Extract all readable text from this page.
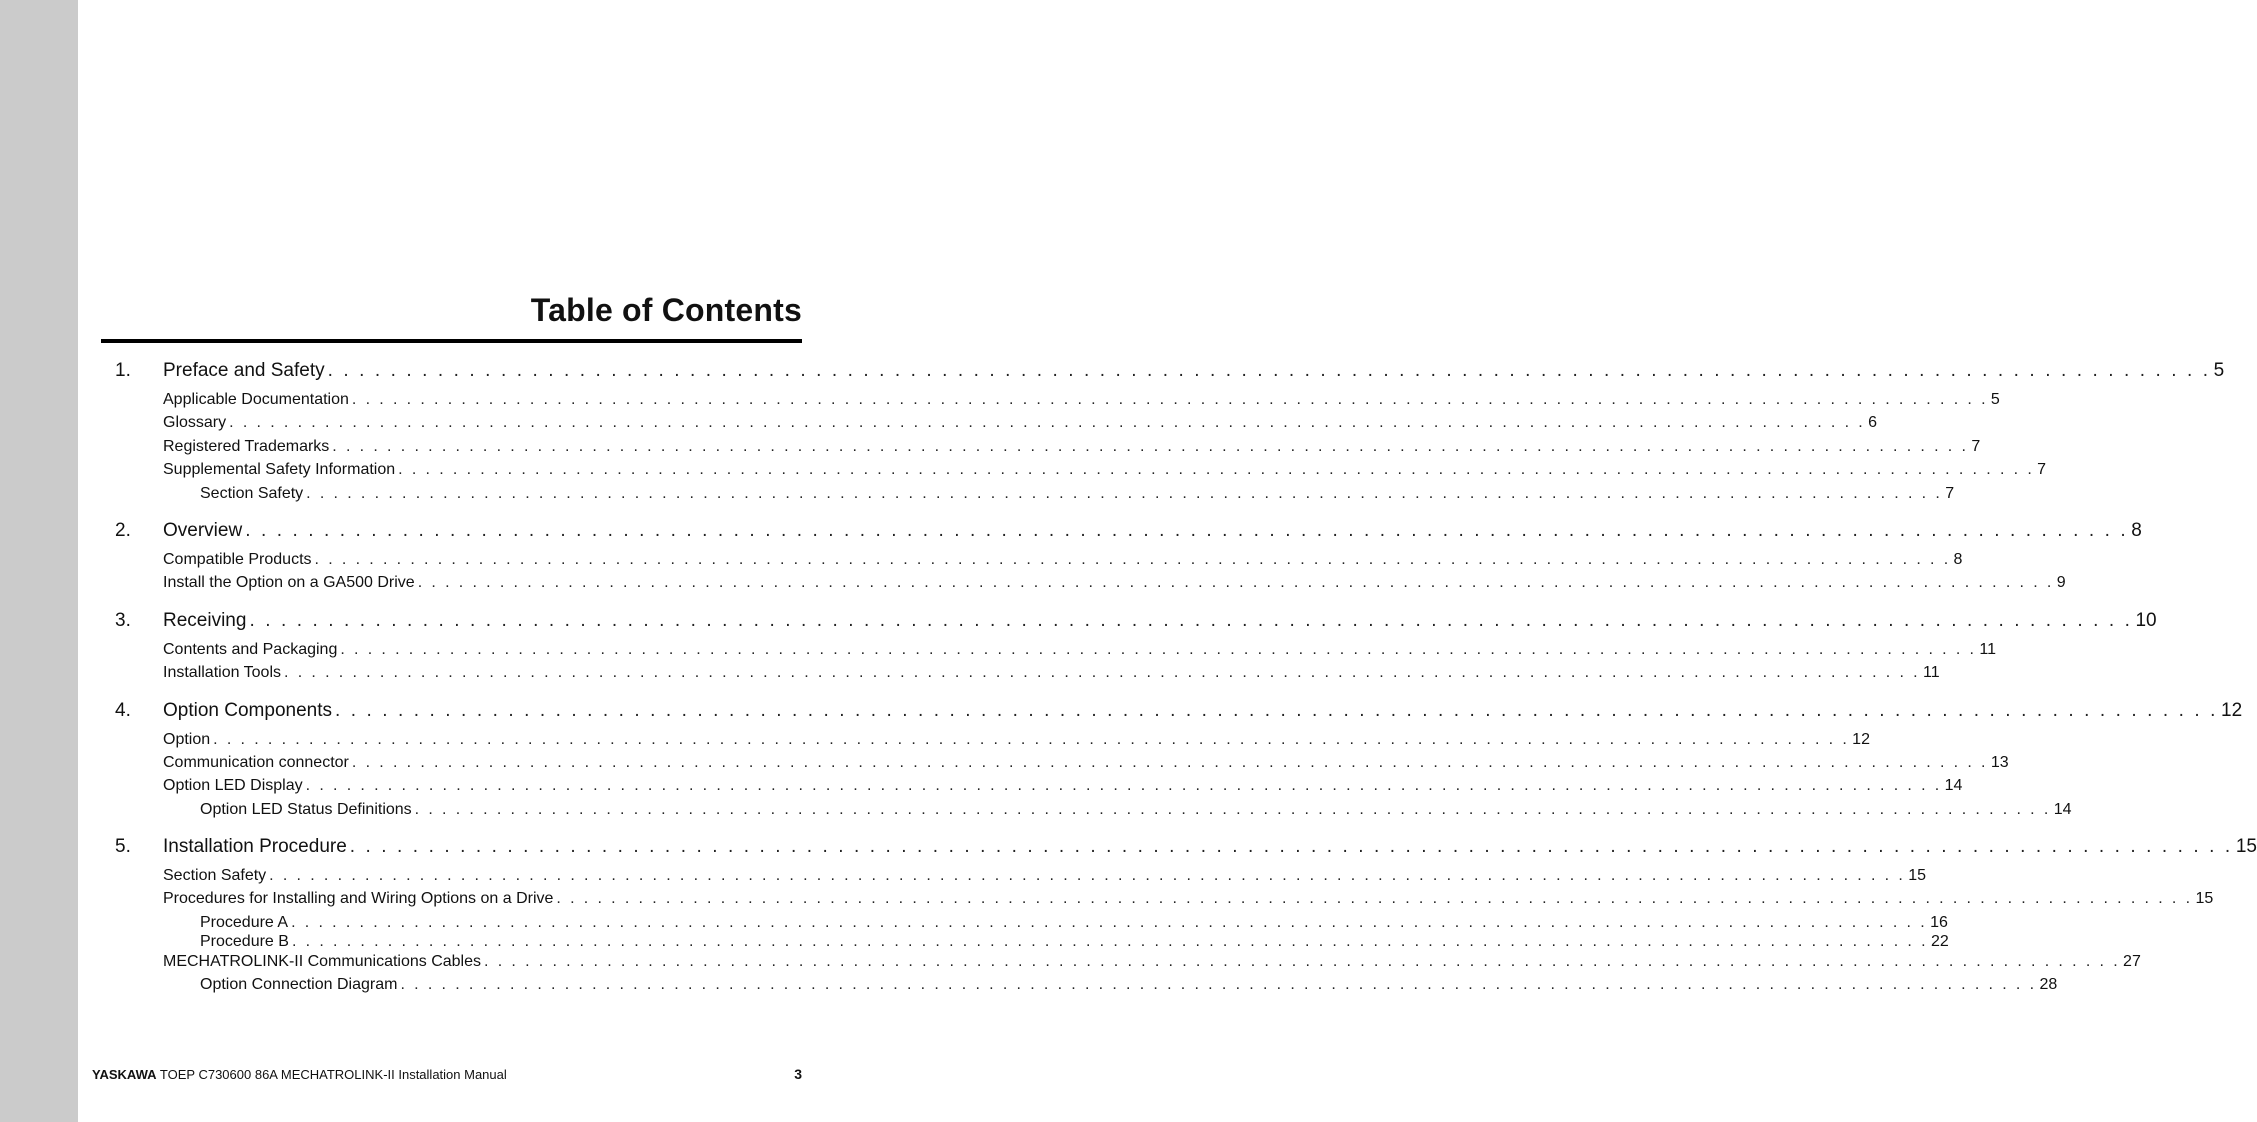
Table of Contents
1.	Preface and Safety . . . . . . . . . . . . . . . . . . . . . . . . . . . . . . . . . . . . . . . . . . . . . . . . . . . . . . . . . . . . . . . . . . . . . . . . . . . . . . . . . . . . . . . . . . . . . . . . . . . . . . . . . . . . . . . . . . . . . . . . 5
Applicable Documentation . . . . . . . . . . . . . . . . . . . . . . . . . . . . . . . . . . . . . . . . . . . . . . . . . . . . . . . . . . . . . . . . . . . . . . . . . . . . . . . . . . . . . . . . . . . . . . . . . . . . . . . . . . . . . . . . . . . . . . . . 5
Glossary . . . . . . . . . . . . . . . . . . . . . . . . . . . . . . . . . . . . . . . . . . . . . . . . . . . . . . . . . . . . . . . . . . . . . . . . . . . . . . . . . . . . . . . . . . . . . . . . . . . . . . . . . . . . . . . . . . . . . . . . 6
Registered Trademarks . . . . . . . . . . . . . . . . . . . . . . . . . . . . . . . . . . . . . . . . . . . . . . . . . . . . . . . . . . . . . . . . . . . . . . . . . . . . . . . . . . . . . . . . . . . . . . . . . . . . . . . . . . . . . . . . . . . . . . . . 7
Supplemental Safety Information . . . . . . . . . . . . . . . . . . . . . . . . . . . . . . . . . . . . . . . . . . . . . . . . . . . . . . . . . . . . . . . . . . . . . . . . . . . . . . . . . . . . . . . . . . . . . . . . . . . . . . . . . . . . . . . . . . . . . . . . 7
Section Safety . . . . . . . . . . . . . . . . . . . . . . . . . . . . . . . . . . . . . . . . . . . . . . . . . . . . . . . . . . . . . . . . . . . . . . . . . . . . . . . . . . . . . . . . . . . . . . . . . . . . . . . . . . . . . . . . . . . . . . . . 7
2.	Overview . . . . . . . . . . . . . . . . . . . . . . . . . . . . . . . . . . . . . . . . . . . . . . . . . . . . . . . . . . . . . . . . . . . . . . . . . . . . . . . . . . . . . . . . . . . . . . . . . . . . . . . . . . . . . . . . . . . . . . . . 8
Compatible Products . . . . . . . . . . . . . . . . . . . . . . . . . . . . . . . . . . . . . . . . . . . . . . . . . . . . . . . . . . . . . . . . . . . . . . . . . . . . . . . . . . . . . . . . . . . . . . . . . . . . . . . . . . . . . . . . . . . . . . . . 8
Install the Option on a GA500 Drive . . . . . . . . . . . . . . . . . . . . . . . . . . . . . . . . . . . . . . . . . . . . . . . . . . . . . . . . . . . . . . . . . . . . . . . . . . . . . . . . . . . . . . . . . . . . . . . . . . . . . . . . . . . . . . . . . . . . . . . . 9
3.	Receiving . . . . . . . . . . . . . . . . . . . . . . . . . . . . . . . . . . . . . . . . . . . . . . . . . . . . . . . . . . . . . . . . . . . . . . . . . . . . . . . . . . . . . . . . . . . . . . . . . . . . . . . . . . . . . . . . . . . . . . . . 10
Contents and Packaging . . . . . . . . . . . . . . . . . . . . . . . . . . . . . . . . . . . . . . . . . . . . . . . . . . . . . . . . . . . . . . . . . . . . . . . . . . . . . . . . . . . . . . . . . . . . . . . . . . . . . . . . . . . . . . . . . . . . . . . . 11
Installation Tools . . . . . . . . . . . . . . . . . . . . . . . . . . . . . . . . . . . . . . . . . . . . . . . . . . . . . . . . . . . . . . . . . . . . . . . . . . . . . . . . . . . . . . . . . . . . . . . . . . . . . . . . . . . . . . . . . . . . . . . . 11
4.	Option Components . . . . . . . . . . . . . . . . . . . . . . . . . . . . . . . . . . . . . . . . . . . . . . . . . . . . . . . . . . . . . . . . . . . . . . . . . . . . . . . . . . . . . . . . . . . . . . . . . . . . . . . . . . . . . . . . . . . . . . . . 12
Option . . . . . . . . . . . . . . . . . . . . . . . . . . . . . . . . . . . . . . . . . . . . . . . . . . . . . . . . . . . . . . . . . . . . . . . . . . . . . . . . . . . . . . . . . . . . . . . . . . . . . . . . . . . . . . . . . . . . . . . . 12
Communication connector . . . . . . . . . . . . . . . . . . . . . . . . . . . . . . . . . . . . . . . . . . . . . . . . . . . . . . . . . . . . . . . . . . . . . . . . . . . . . . . . . . . . . . . . . . . . . . . . . . . . . . . . . . . . . . . . . . . . . . . . 13
Option LED Display . . . . . . . . . . . . . . . . . . . . . . . . . . . . . . . . . . . . . . . . . . . . . . . . . . . . . . . . . . . . . . . . . . . . . . . . . . . . . . . . . . . . . . . . . . . . . . . . . . . . . . . . . . . . . . . . . . . . . . . . 14
Option LED Status Definitions . . . . . . . . . . . . . . . . . . . . . . . . . . . . . . . . . . . . . . . . . . . . . . . . . . . . . . . . . . . . . . . . . . . . . . . . . . . . . . . . . . . . . . . . . . . . . . . . . . . . . . . . . . . . . . . . . . . . . . . . 14
5.	Installation Procedure . . . . . . . . . . . . . . . . . . . . . . . . . . . . . . . . . . . . . . . . . . . . . . . . . . . . . . . . . . . . . . . . . . . . . . . . . . . . . . . . . . . . . . . . . . . . . . . . . . . . . . . . . . . . . . . . . . . . . . . . 15
Section Safety . . . . . . . . . . . . . . . . . . . . . . . . . . . . . . . . . . . . . . . . . . . . . . . . . . . . . . . . . . . . . . . . . . . . . . . . . . . . . . . . . . . . . . . . . . . . . . . . . . . . . . . . . . . . . . . . . . . . . . . . 15
Procedures for Installing and Wiring Options on a Drive . . . . . . . . . . . . . . . . . . . . . . . . . . . . . . . . . . . . . . . . . . . . . . . . . . . . . . . . . . . . . . . . . . . . . . . . . . . . . . . . . . . . . . . . . . . . . . . . . . . . . . . . . . . . . . . . . . . . . . . . 15
Procedure A . . . . . . . . . . . . . . . . . . . . . . . . . . . . . . . . . . . . . . . . . . . . . . . . . . . . . . . . . . . . . . . . . . . . . . . . . . . . . . . . . . . . . . . . . . . . . . . . . . . . . . . . . . . . . . . . . . . . . . . . 16
Procedure B . . . . . . . . . . . . . . . . . . . . . . . . . . . . . . . . . . . . . . . . . . . . . . . . . . . . . . . . . . . . . . . . . . . . . . . . . . . . . . . . . . . . . . . . . . . . . . . . . . . . . . . . . . . . . . . . . . . . . . . . 22
MECHATROLINK-II Communications Cables . . . . . . . . . . . . . . . . . . . . . . . . . . . . . . . . . . . . . . . . . . . . . . . . . . . . . . . . . . . . . . . . . . . . . . . . . . . . . . . . . . . . . . . . . . . . . . . . . . . . . . . . . . . . . . . . . . . . . . . . 27
Option Connection Diagram . . . . . . . . . . . . . . . . . . . . . . . . . . . . . . . . . . . . . . . . . . . . . . . . . . . . . . . . . . . . . . . . . . . . . . . . . . . . . . . . . . . . . . . . . . . . . . . . . . . . . . . . . . . . . . . . . . . . . . . . 28
YASKAWA TOEP C730600 86A MECHATROLINK-II Installation Manual	3
